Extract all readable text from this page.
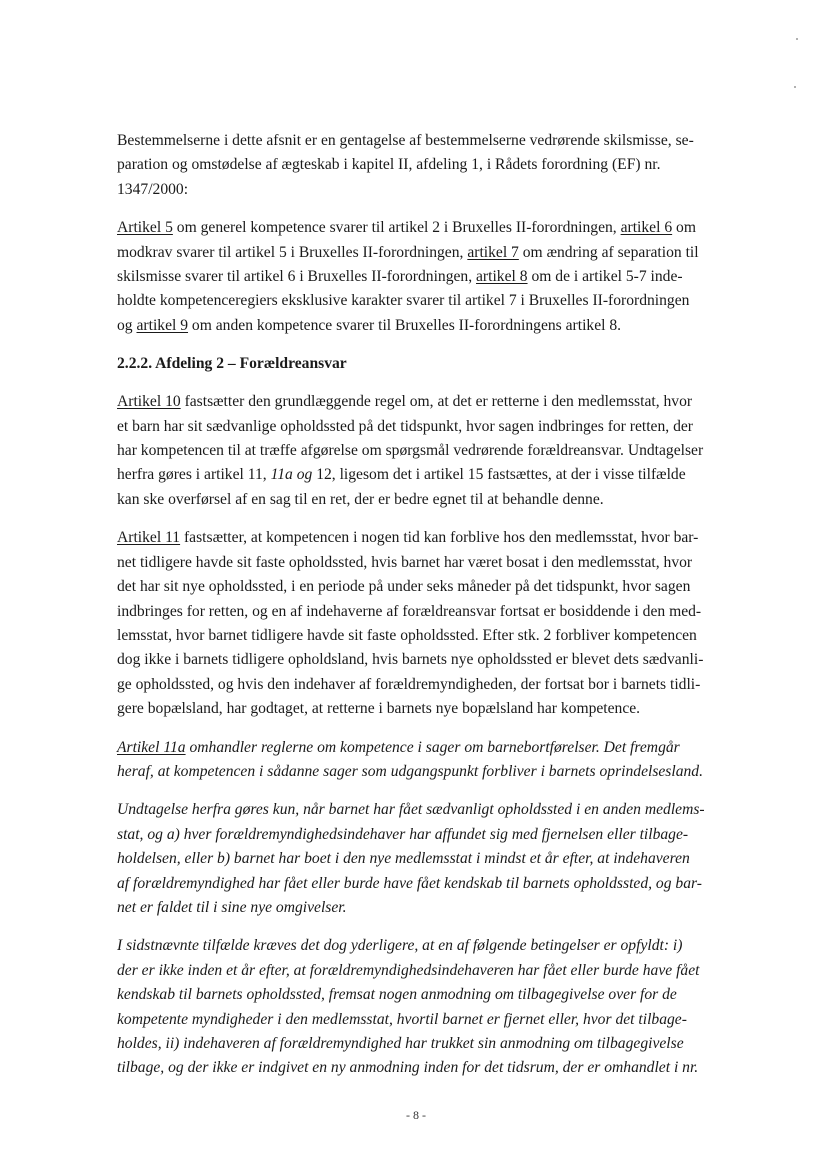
Bestemmelserne i dette afsnit er en gentagelse af bestemmelserne vedrørende skilsmisse, se-
paration og omstødelse af ægteskab i kapitel II, afdeling 1, i Rådets forordning (EF) nr.
1347/2000:

Artikel 5 om generel kompetence svarer til artikel 2 i Bruxelles II-forordningen, artikel 6 om
modkrav svarer til artikel 5 i Bruxelles II-forordningen, artikel 7 om ændring af separation til
skilsmisse svarer til artikel 6 i Bruxelles II-forordningen, artikel 8 om de i artikel 5-7 inde-
holdte kompetenceregiers eksklusive karakter svarer til artikel 7 i Bruxelles II-forordningen
og artikel 9 om anden kompetence svarer til Bruxelles II-forordningens artikel 8.

2.2.2. Afdeling 2 – Forældreansvar

Artikel 10 fastsætter den grundlæggende regel om, at det er retterne i den medlemsstat, hvor
et barn har sit sædvanlige opholdssted på det tidspunkt, hvor sagen indbringes for retten, der
har kompetencen til at træffe afgørelse om spørgsmål vedrørende forældreansvar. Undtagelser
herfra gøres i artikel 11, 11a og 12, ligesom det i artikel 15 fastsættes, at der i visse tilfælde
kan ske overførsel af en sag til en ret, der er bedre egnet til at behandle denne.

Artikel 11 fastsætter, at kompetencen i nogen tid kan forblive hos den medlemsstat, hvor bar-
net tidligere havde sit faste opholdssted, hvis barnet har været bosat i den medlemsstat, hvor
det har sit nye opholdssted, i en periode på under seks måneder på det tidspunkt, hvor sagen
indbringes for retten, og en af indehaverne af forældreansvar fortsat er bosiddende i den med-
lemsstat, hvor barnet tidligere havde sit faste opholdssted. Efter stk. 2 forbliver kompetencen
dog ikke i barnets tidligere opholdsland, hvis barnets nye opholdssted er blevet dets sædvanli-
ge opholdssted, og hvis den indehaver af forældremyndigheden, der fortsat bor i barnets tidli-
gere bopælsland, har godtaget, at retterne i barnets nye bopælsland har kompetence.

Artikel 11a omhandler reglerne om kompetence i sager om barnebortførelser. Det fremgår
heraf, at kompetencen i sådanne sager som udgangspunkt forbliver i barnets oprindelsesland.

Undtagelse herfra gøres kun, når barnet har fået sædvanligt opholdssted i en anden medlems-
stat, og a) hver forældremyndighedsindehaver har affundet sig med fjernelsen eller tilbage-
holdelsen, eller b) barnet har boet i den nye medlemsstat i mindst et år efter, at indehaveren
af forældremyndighed har fået eller burde have fået kendskab til barnets opholdssted, og bar-
net er faldet til i sine nye omgivelser.

I sidstnævnte tilfælde kræves det dog yderligere, at en af følgende betingelser er opfyldt: i)
der er ikke inden et år efter, at forældremyndighedsindehaveren har fået eller burde have fået
kendskab til barnets opholdssted, fremsat nogen anmodning om tilbagegivelse over for de
kompetente myndigheder i den medlemsstat, hvortil barnet er fjernet eller, hvor det tilbage-
holdes, ii) indehaveren af forældremyndighed har trukket sin anmodning om tilbagegivelse
tilbage, og der ikke er indgivet en ny anmodning inden for det tidsrum, der er omhandlet i nr.

- 8 -
